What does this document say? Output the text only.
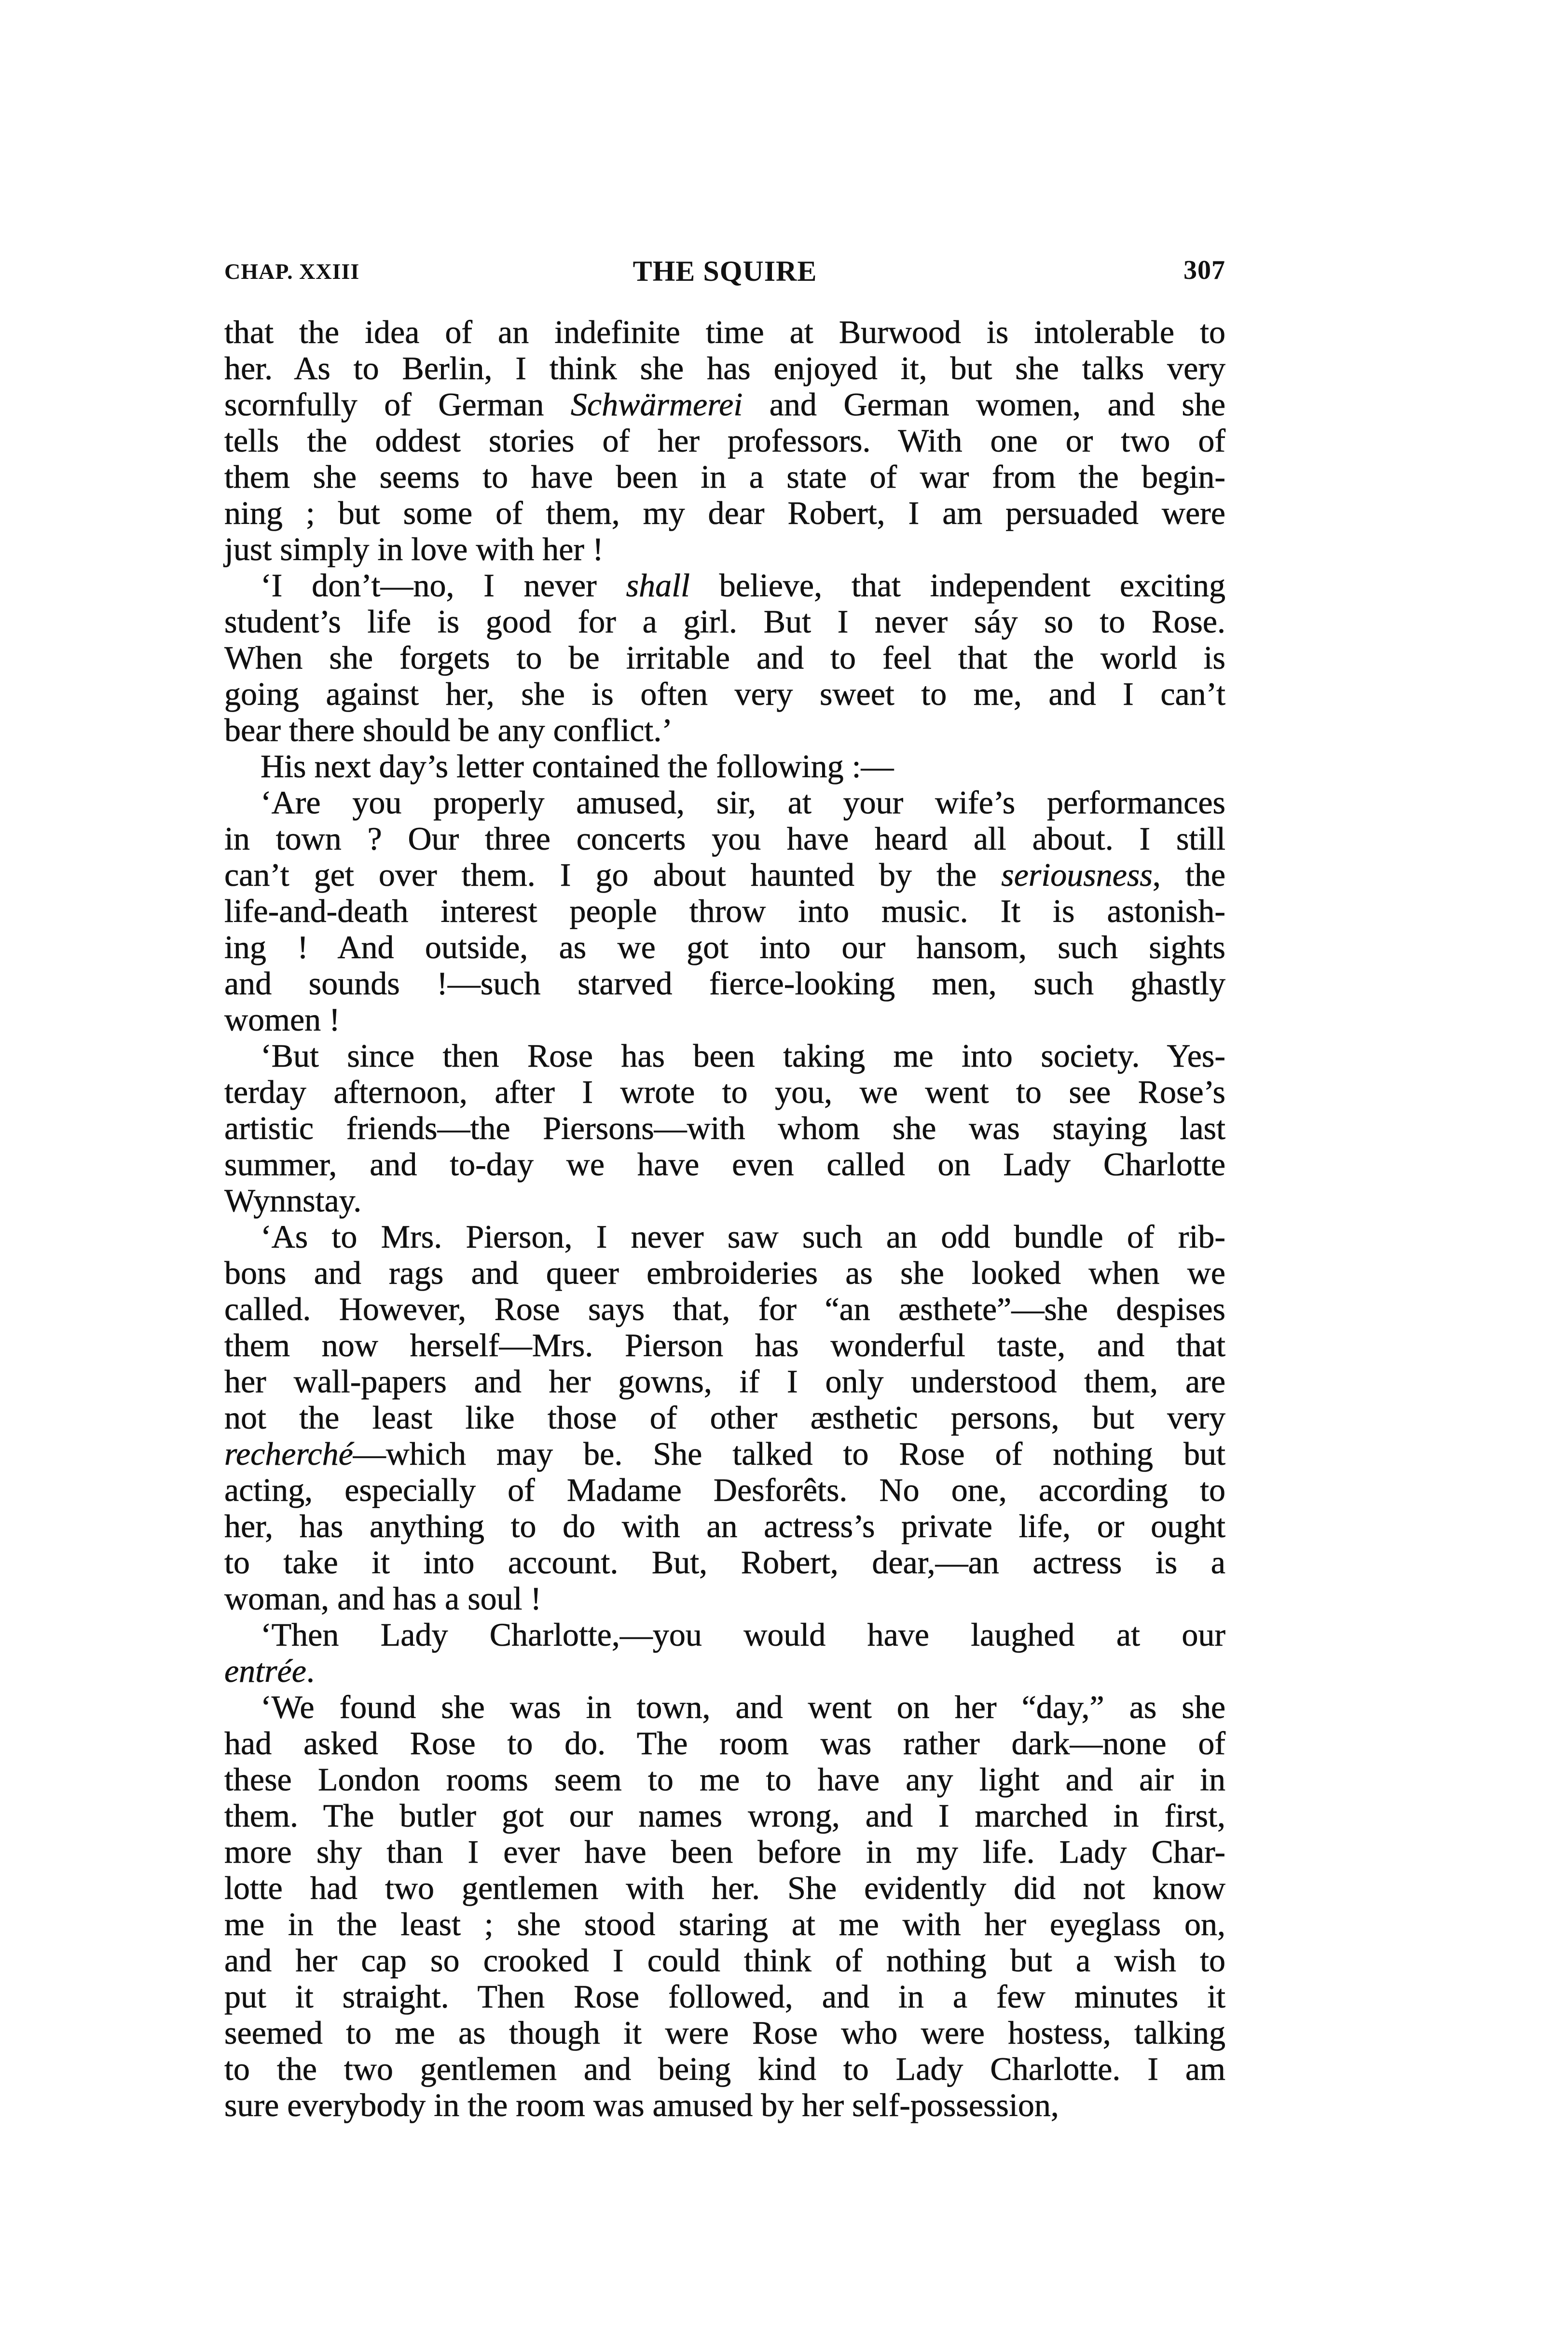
CHAP. XXIII	THE SQUIRE	307
that the idea of an indefinite time at Burwood is intolerable to
her. As to Berlin, I think she has enjoyed it, but she talks very
scornfully of German Schwärmerei and German women, and she
tells the oddest stories of her professors. With one or two of
them she seems to have been in a state of war from the begin-
ning ; but some of them, my dear Robert, I am persuaded were
just simply in love with her !
‘I don’t—no, I never shall believe, that independent exciting
student’s life is good for a girl. But I never sáy so to Rose.
When she forgets to be irritable and to feel that the world is
going against her, she is often very sweet to me, and I can’t
bear there should be any conflict.’
His next day’s letter contained the following :—
‘Are you properly amused, sir, at your wife’s performances
in town ? Our three concerts you have heard all about. I still
can’t get over them. I go about haunted by the seriousness, the
life-and-death interest people throw into music. It is astonish-
ing ! And outside, as we got into our hansom, such sights
and sounds !—such starved fierce-looking men, such ghastly
women !
‘But since then Rose has been taking me into society. Yes-
terday afternoon, after I wrote to you, we went to see Rose’s
artistic friends—the Piersons—with whom she was staying last
summer, and to-day we have even called on Lady Charlotte
Wynnstay.
‘As to Mrs. Pierson, I never saw such an odd bundle of rib-
bons and rags and queer embroideries as she looked when we
called. However, Rose says that, for “an æsthete”—she despises
them now herself—Mrs. Pierson has wonderful taste, and that
her wall-papers and her gowns, if I only understood them, are
not the least like those of other æsthetic persons, but very
recherché—which may be. She talked to Rose of nothing but
acting, especially of Madame Desforêts. No one, according to
her, has anything to do with an actress’s private life, or ought
to take it into account. But, Robert, dear,—an actress is a
woman, and has a soul !
‘Then Lady Charlotte,—you would have laughed at our
entrée.
‘We found she was in town, and went on her “day,” as she
had asked Rose to do. The room was rather dark—none of
these London rooms seem to me to have any light and air in
them. The butler got our names wrong, and I marched in first,
more shy than I ever have been before in my life. Lady Char-
lotte had two gentlemen with her. She evidently did not know
me in the least ; she stood staring at me with her eyeglass on,
and her cap so crooked I could think of nothing but a wish to
put it straight. Then Rose followed, and in a few minutes it
seemed to me as though it were Rose who were hostess, talking
to the two gentlemen and being kind to Lady Charlotte. I am
sure everybody in the room was amused by her self-possession,
